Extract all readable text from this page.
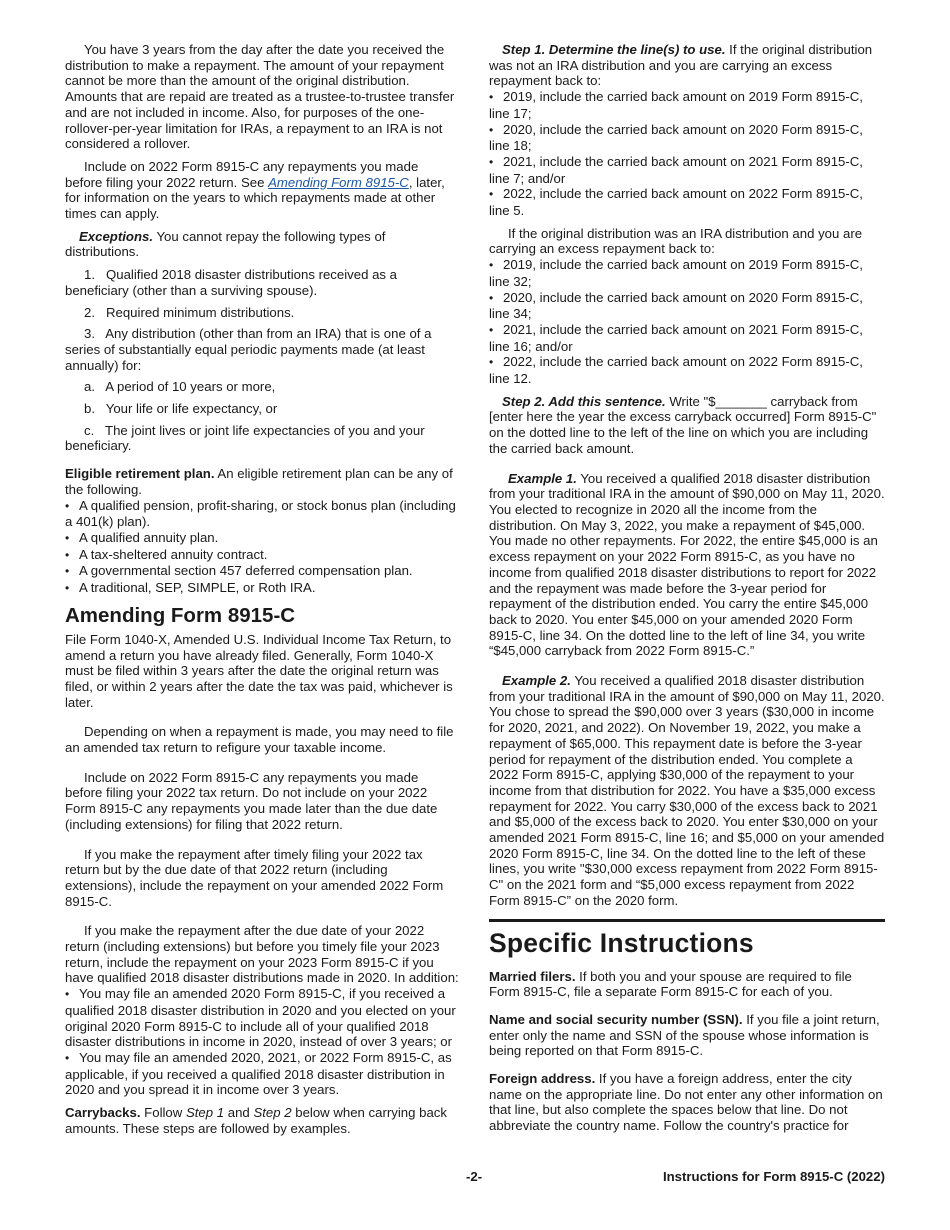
You have 3 years from the day after the date you received the distribution to make a repayment. The amount of your repayment cannot be more than the amount of the original distribution. Amounts that are repaid are treated as a trustee-to-trustee transfer and are not included in income. Also, for purposes of the one-rollover-per-year limitation for IRAs, a repayment to an IRA is not considered a rollover.

Include on 2022 Form 8915-C any repayments you made before filing your 2022 return. See Amending Form 8915-C, later, for information on the years to which repayments made at other times can apply.

Exceptions. You cannot repay the following types of distributions.

1.   Qualified 2018 disaster distributions received as a beneficiary (other than a surviving spouse).
2.   Required minimum distributions.
3.   Any distribution (other than from an IRA) that is one of a series of substantially equal periodic payments made (at least annually) for:
a.   A period of 10 years or more,
b.   Your life or life expectancy, or
c.   The joint lives or joint life expectancies of you and your beneficiary.

Eligible retirement plan. An eligible retirement plan can be any of the following.

• A qualified pension, profit-sharing, or stock bonus plan (including a 401(k) plan).
• A qualified annuity plan.
• A tax-sheltered annuity contract.
• A governmental section 457 deferred compensation plan.
• A traditional, SEP, SIMPLE, or Roth IRA.
Amending Form 8915-C

File Form 1040-X, Amended U.S. Individual Income Tax Return, to amend a return you have already filed. Generally, Form 1040-X must be filed within 3 years after the date the original return was filed, or within 2 years after the date the tax was paid, whichever is later.

Depending on when a repayment is made, you may need to file an amended tax return to refigure your taxable income.

Include on 2022 Form 8915-C any repayments you made before filing your 2022 tax return. Do not include on your 2022 Form 8915-C any repayments you made later than the due date (including extensions) for filing that 2022 return.

If you make the repayment after timely filing your 2022 tax return but by the due date of that 2022 return (including extensions), include the repayment on your amended 2022 Form 8915-C.

If you make the repayment after the due date of your 2022 return (including extensions) but before you timely file your 2023 return, include the repayment on your 2023 Form 8915-C if you have qualified 2018 disaster distributions made in 2020. In addition:

• You may file an amended 2020 Form 8915-C, if you received a qualified 2018 disaster distribution in 2020 and you elected on your original 2020 Form 8915-C to include all of your qualified 2018 disaster distributions in income in 2020, instead of over 3 years; or
• You may file an amended 2020, 2021, or 2022 Form 8915-C, as applicable, if you received a qualified 2018 disaster distribution in 2020 and you spread it in income over 3 years.

Carrybacks. Follow Step 1 and Step 2 below when carrying back amounts. These steps are followed by examples.

Step 1. Determine the line(s) to use. If the original distribution was not an IRA distribution and you are carrying an excess repayment back to:

• 2019, include the carried back amount on 2019 Form 8915-C, line 17;
• 2020, include the carried back amount on 2020 Form 8915-C, line 18;
• 2021, include the carried back amount on 2021 Form 8915-C, line 7; and/or
• 2022, include the carried back amount on 2022 Form 8915-C, line 5.

If the original distribution was an IRA distribution and you are carrying an excess repayment back to:

• 2019, include the carried back amount on 2019 Form 8915-C, line 32;
• 2020, include the carried back amount on 2020 Form 8915-C, line 34;
• 2021, include the carried back amount on 2021 Form 8915-C, line 16; and/or
• 2022, include the carried back amount on 2022 Form 8915-C, line 12.

Step 2. Add this sentence. Write "$_______ carryback from [enter here the year the excess carryback occurred] Form 8915-C" on the dotted line to the left of the line on which you are including the carried back amount.

Example 1. You received a qualified 2018 disaster distribution from your traditional IRA in the amount of $90,000 on May 11, 2020. You elected to recognize in 2020 all the income from the distribution. On May 3, 2022, you make a repayment of $45,000. You made no other repayments. For 2022, the entire $45,000 is an excess repayment on your 2022 Form 8915-C, as you have no income from qualified 2018 disaster distributions to report for 2022 and the repayment was made before the 3-year period for repayment of the distribution ended. You carry the entire $45,000 back to 2020. You enter $45,000 on your amended 2020 Form 8915-C, line 34. On the dotted line to the left of line 34, you write “$45,000 carryback from 2022 Form 8915-C.”

Example 2. You received a qualified 2018 disaster distribution from your traditional IRA in the amount of $90,000 on May 11, 2020. You chose to spread the $90,000 over 3 years ($30,000 in income for 2020, 2021, and 2022). On November 19, 2022, you make a repayment of $65,000. This repayment date is before the 3-year period for repayment of the distribution ended. You complete a 2022 Form 8915-C, applying $30,000 of the repayment to your income from that distribution for 2022. You have a $35,000 excess repayment for 2022. You carry $30,000 of the excess back to 2021 and $5,000 of the excess back to 2020. You enter $30,000 on your amended 2021 Form 8915-C, line 16; and $5,000 on your amended 2020 Form 8915-C, line 34. On the dotted line to the left of these lines, you write "$30,000 excess repayment from 2022 Form 8915-C" on the 2021 form and “$5,000 excess repayment from 2022 Form 8915-C” on the 2020 form.

Specific Instructions

Married filers. If both you and your spouse are required to file Form 8915-C, file a separate Form 8915-C for each of you.

Name and social security number (SSN). If you file a joint return, enter only the name and SSN of the spouse whose information is being reported on that Form 8915-C.

Foreign address. If you have a foreign address, enter the city name on the appropriate line. Do not enter any other information on that line, but also complete the spaces below that line. Do not abbreviate the country name. Follow the country's practice for

-2-	Instructions for Form 8915-C (2022)
